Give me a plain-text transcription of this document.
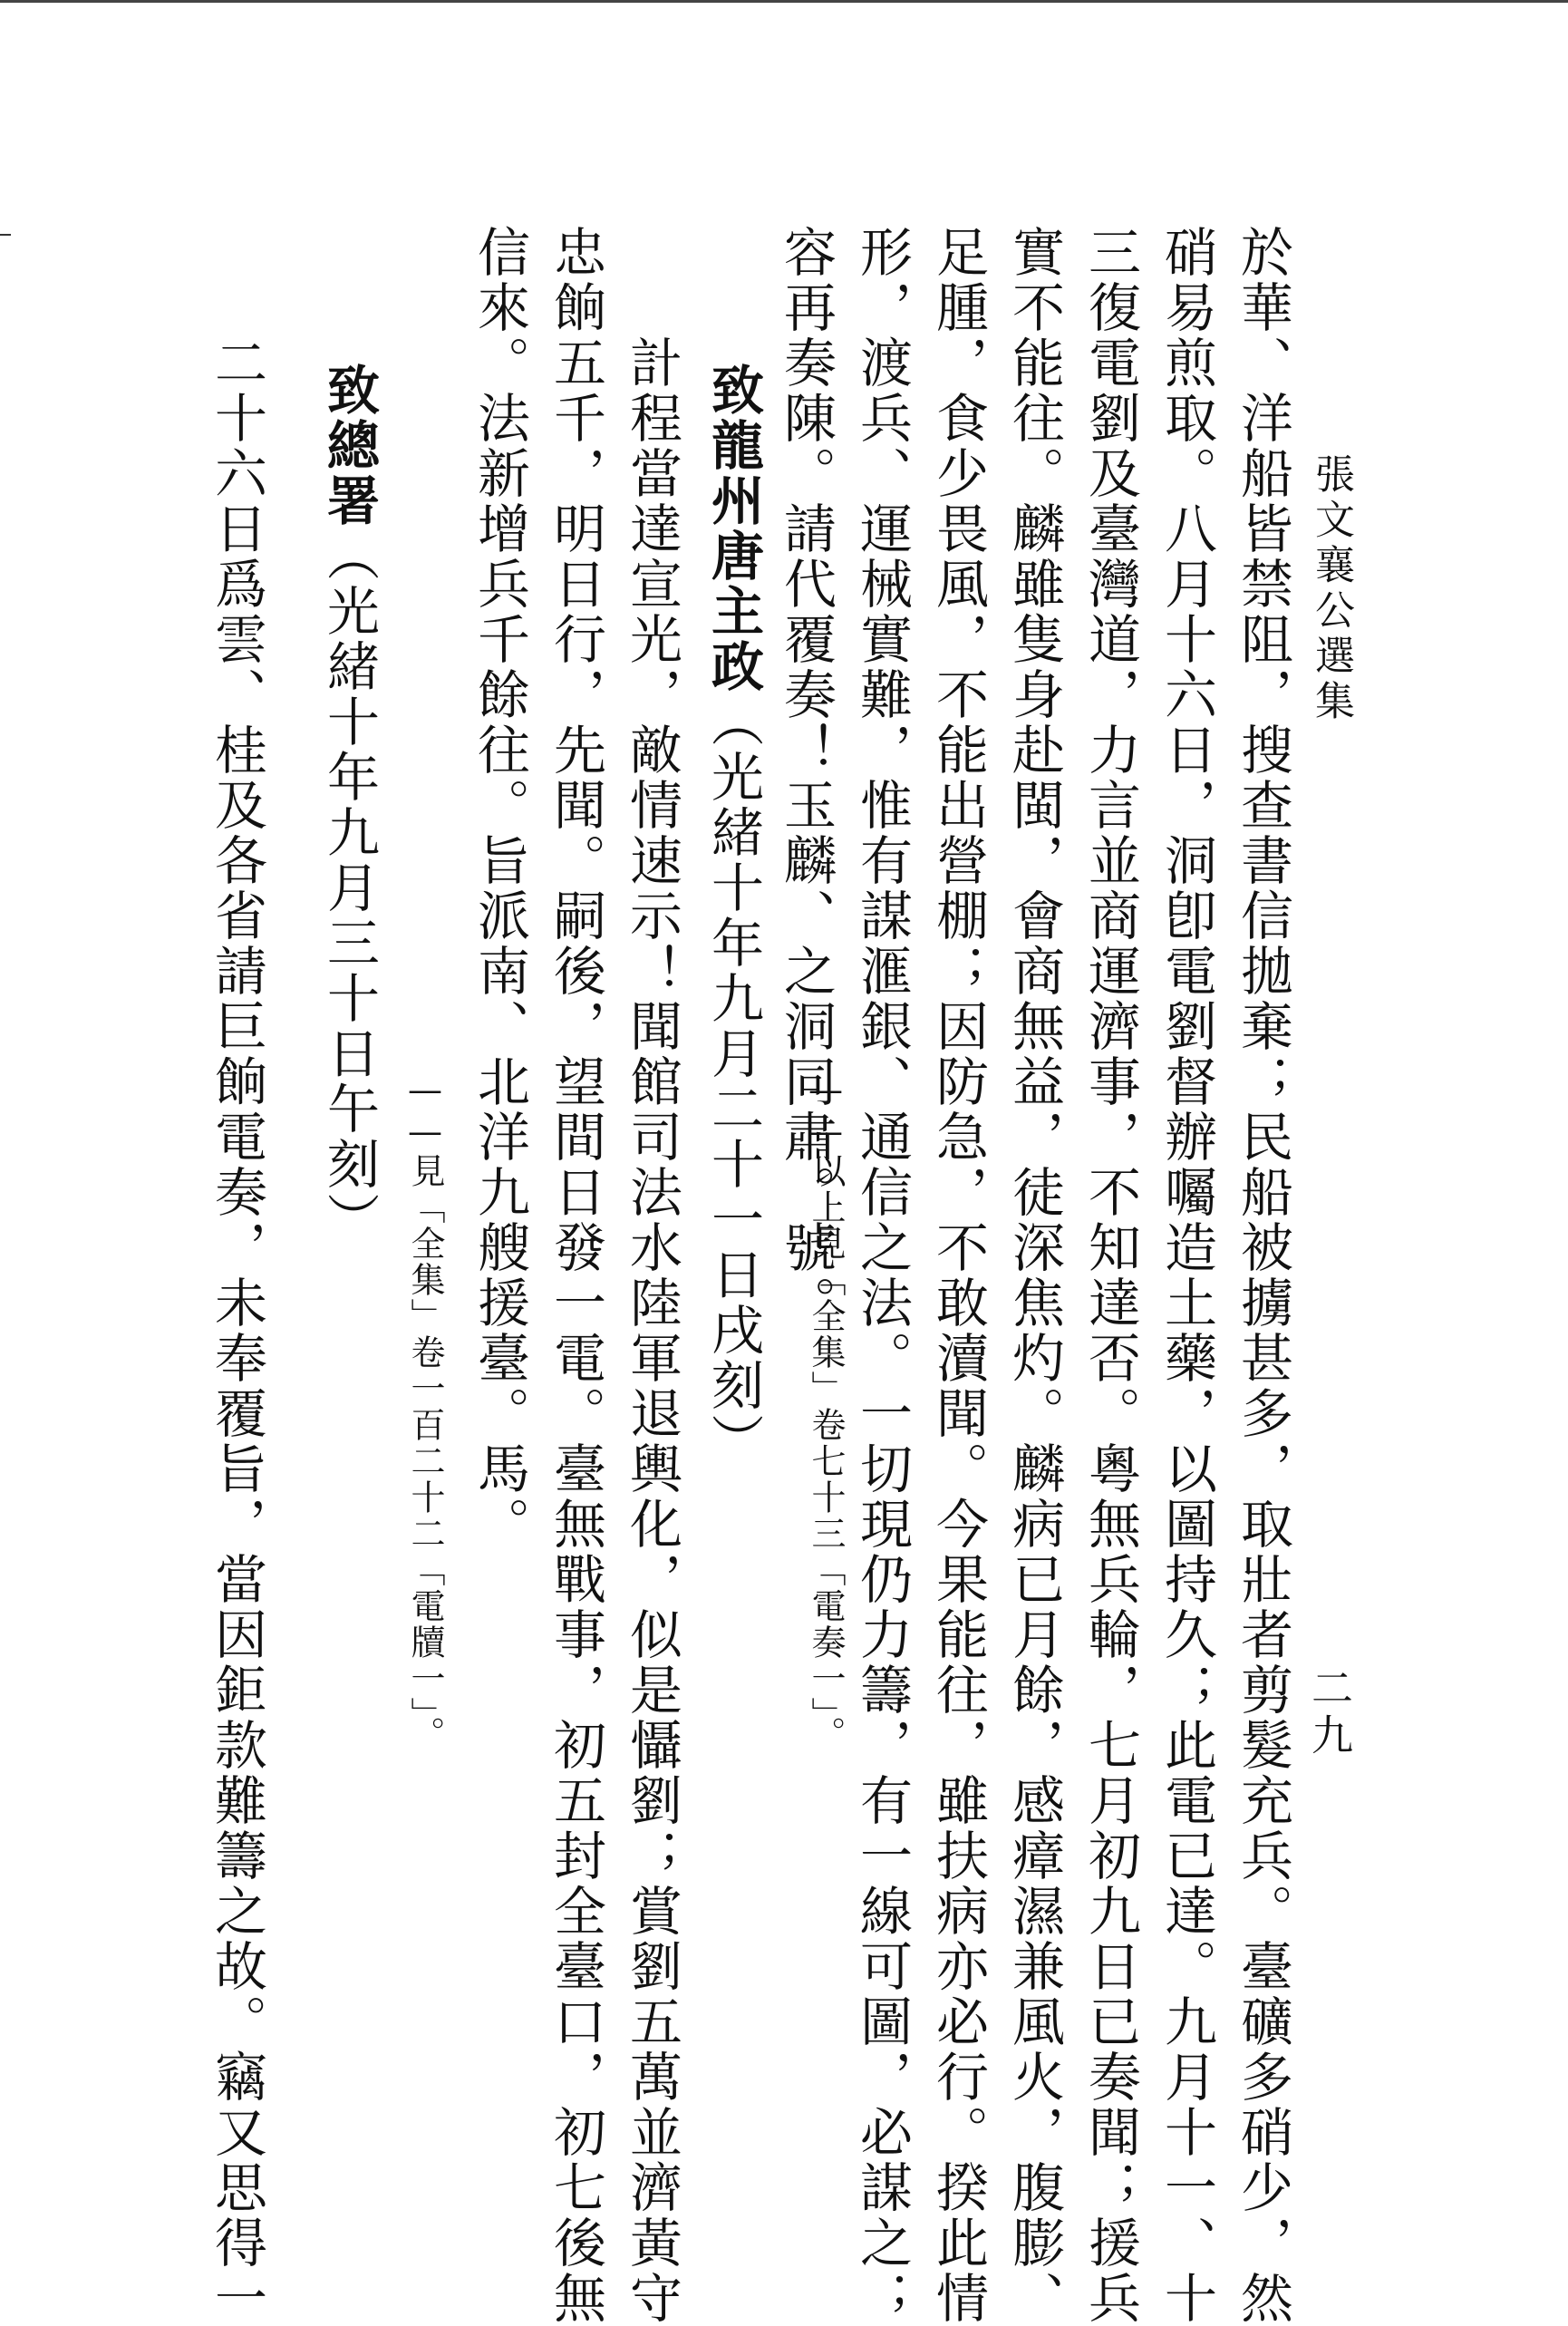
張文襄公選集
二九
於華、洋船皆禁阻，搜查書信拋棄；民船被擄甚多，取壯者剪髮充兵。臺礦多硝少，然
硝易煎取。八月十六日，洞卽電劉督辦囑造土藥，以圖持久；此電已達。九月十一、十
三復電劉及臺灣道，力言並商運濟事，不知達否。粵無兵輪，七月初九日已奏聞；援兵
實不能往。麟雖隻身赴閩，會商無益，徒深焦灼。麟病已月餘，感瘴濕兼風火，腹膨、
足腫，食少畏風，不能出營棚；因防急，不敢瀆聞。今果能往，雖扶病亦必行。揆此情
形，渡兵、運械實難，惟有謀滙銀、通信之法。一切現仍力籌，有一線可圖，必謀之；
容再奏陳。請代覆奏！玉麟、之洞同肅。號。
——以上見「全集」卷七十三「電奏一」。
致龍州唐主政（光緒十年九月二十一日戌刻）
計程當達宣光，敵情速示！聞館司法水陸軍退輿化，似是懾劉；賞劉五萬並濟黃守
忠餉五千，明日行，先聞。嗣後，望間日發一電。臺無戰事，初五封全臺口，初七後無
信來。法新增兵千餘往。旨派南、北洋九艘援臺。馬。
——見「全集」卷一百二十二「電牘一」。
致總署（光緒十年九月三十日午刻）
二十六日爲雲、桂及各省請巨餉電奏，未奉覆旨，當因鉅款難籌之故。竊又思得一
